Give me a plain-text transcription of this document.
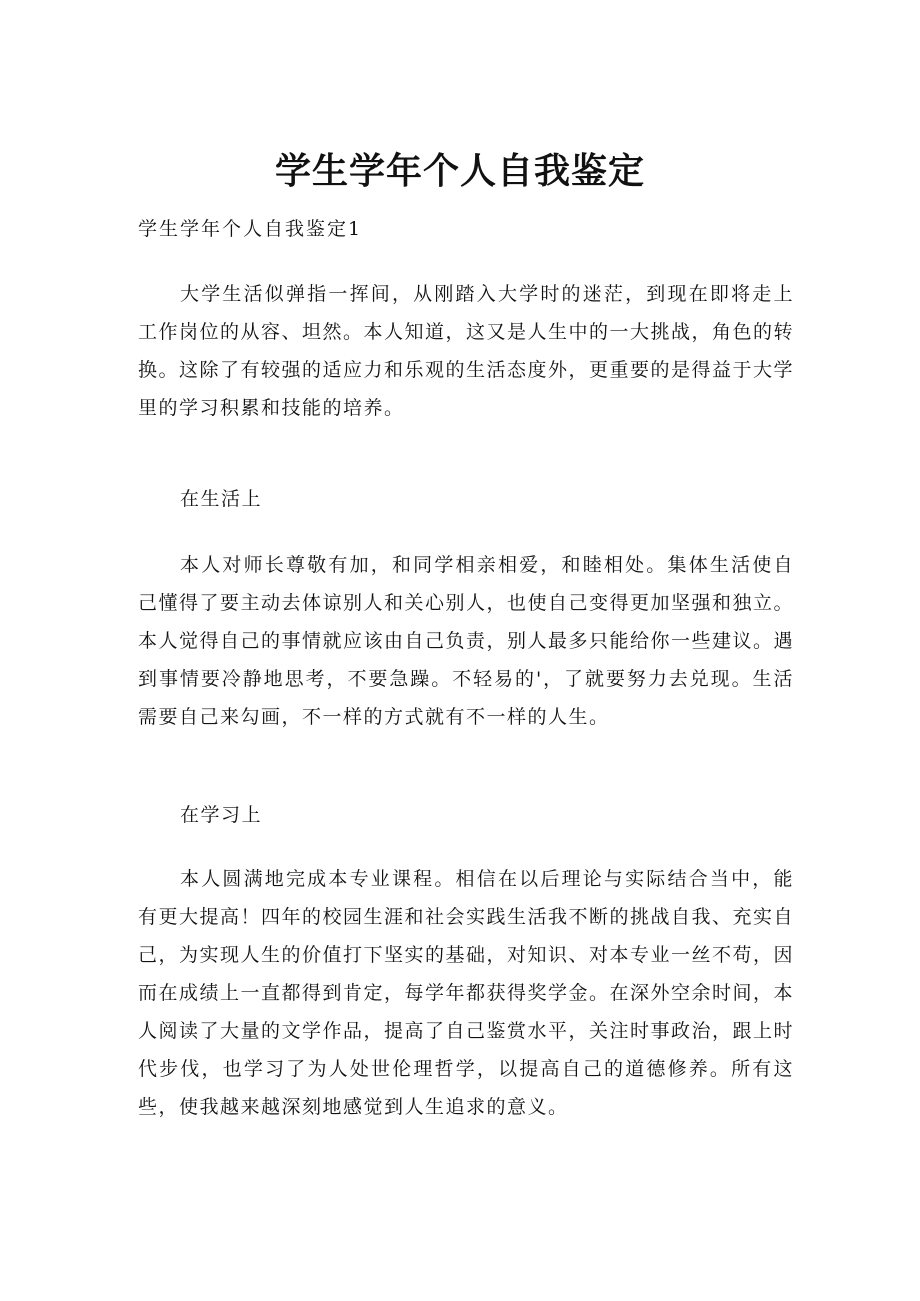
学生学年个人自我鉴定

学生学年个人自我鉴定1

大学生活似弹指一挥间，从刚踏入大学时的迷茫，到现在即将走上工作岗位的从容、坦然。本人知道，这又是人生中的一大挑战，角色的转换。这除了有较强的适应力和乐观的生活态度外，更重要的是得益于大学里的学习积累和技能的培养。

在生活上

本人对师长尊敬有加，和同学相亲相爱，和睦相处。集体生活使自己懂得了要主动去体谅别人和关心别人，也使自己变得更加坚强和独立。本人觉得自己的事情就应该由自己负责，别人最多只能给你一些建议。遇到事情要冷静地思考，不要急躁。不轻易的'，了就要努力去兑现。生活需要自己来勾画，不一样的方式就有不一样的人生。

在学习上

本人圆满地完成本专业课程。相信在以后理论与实际结合当中，能有更大提高！四年的校园生涯和社会实践生活我不断的挑战自我、充实自己，为实现人生的价值打下坚实的基础，对知识、对本专业一丝不苟，因而在成绩上一直都得到肯定，每学年都获得奖学金。在深外空余时间，本人阅读了大量的文学作品，提高了自己鉴赏水平，关注时事政治，跟上时代步伐，也学习了为人处世伦理哲学，以提高自己的道德修养。所有这些，使我越来越深刻地感觉到人生追求的意义。
